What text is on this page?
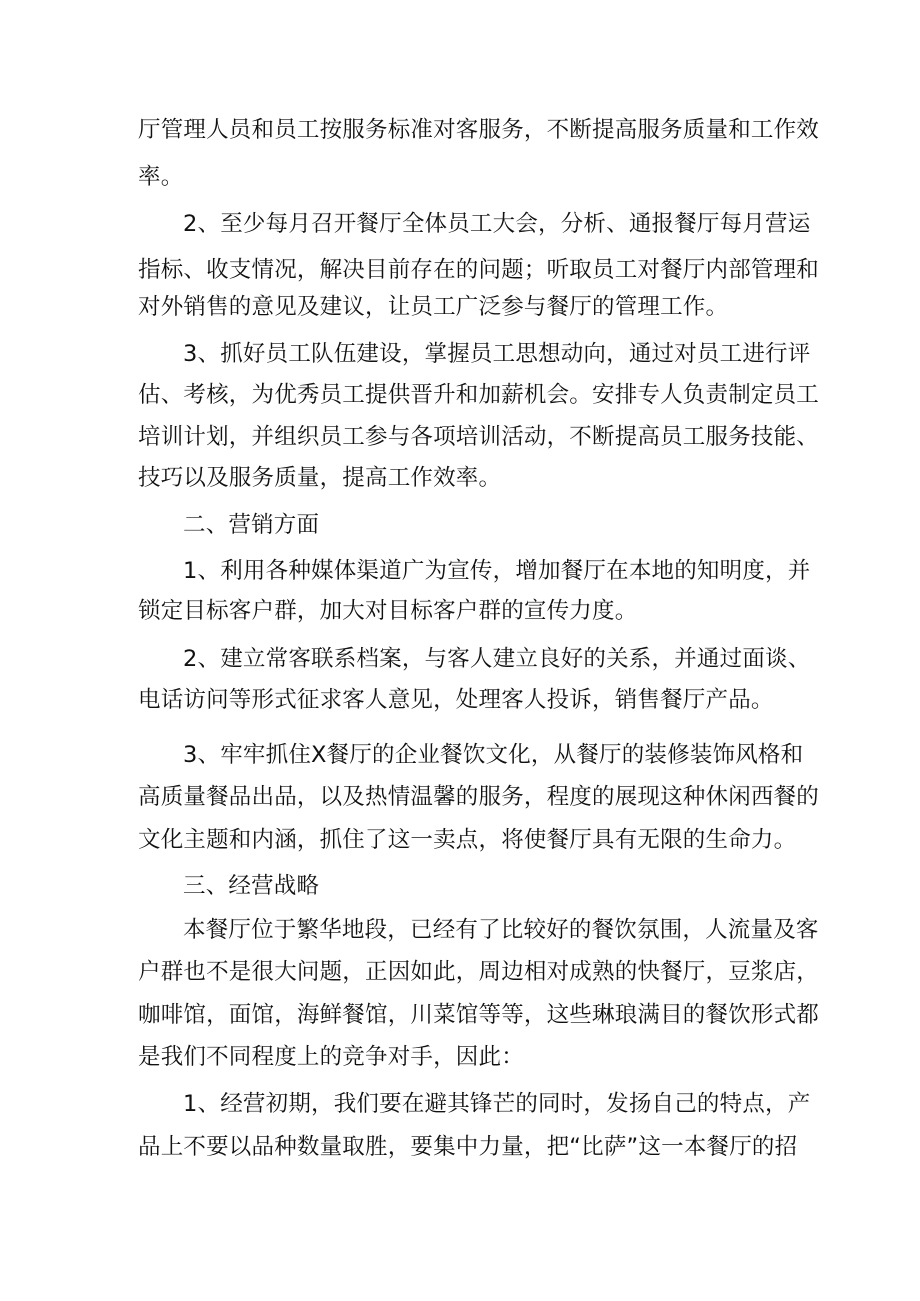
厅管理人员和员工按服务标准对客服务，不断提高服务质量和工作效
率。
2、至少每月召开餐厅全体员工大会，分析、通报餐厅每月营运
指标、收支情况，解决目前存在的问题；听取员工对餐厅内部管理和
对外销售的意见及建议，让员工广泛参与餐厅的管理工作。
3、抓好员工队伍建设，掌握员工思想动向，通过对员工进行评
估、考核，为优秀员工提供晋升和加薪机会。安排专人负责制定员工
培训计划，并组织员工参与各项培训活动，不断提高员工服务技能、
技巧以及服务质量，提高工作效率。
二、营销方面
1、利用各种媒体渠道广为宣传，增加餐厅在本地的知明度，并
锁定目标客户群，加大对目标客户群的宣传力度。
2、建立常客联系档案，与客人建立良好的关系，并通过面谈、
电话访问等形式征求客人意见，处理客人投诉，销售餐厅产品。
3、牢牢抓住X餐厅的企业餐饮文化，从餐厅的装修装饰风格和
高质量餐品出品，以及热情温馨的服务，程度的展现这种休闲西餐的
文化主题和内涵，抓住了这一卖点，将使餐厅具有无限的生命力。
三、经营战略
本餐厅位于繁华地段，已经有了比较好的餐饮氛围，人流量及客
户群也不是很大问题，正因如此，周边相对成熟的快餐厅，豆浆店，
咖啡馆，面馆，海鲜餐馆，川菜馆等等，这些琳琅满目的餐饮形式都
是我们不同程度上的竞争对手，因此：
1、经营初期，我们要在避其锋芒的同时，发扬自己的特点，产
品上不要以品种数量取胜，要集中力量，把“比萨”这一本餐厅的招
